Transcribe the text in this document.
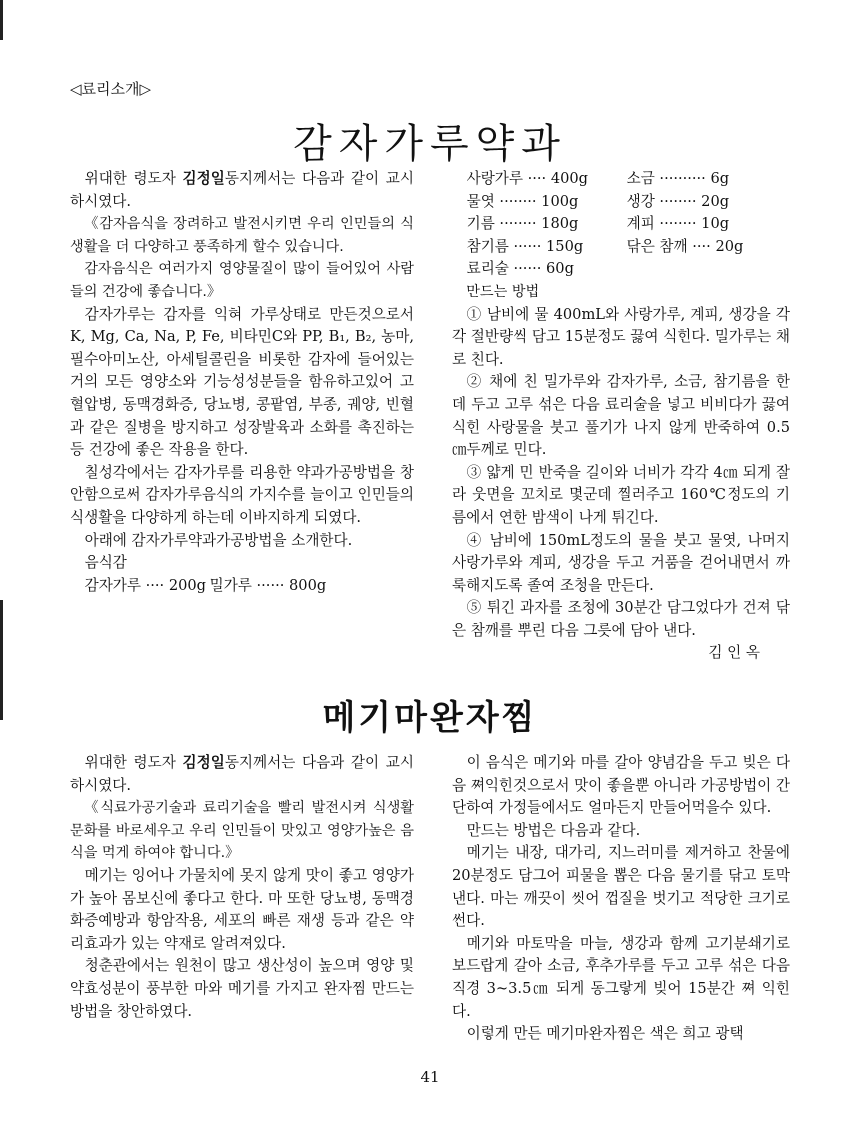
◁료리소개▷
감자가루약과

위대한 령도자 김정일동지께서는 다음과 같이 교시하시였다.

《감자음식을 장려하고 발전시키면 우리 인민들의 식생활을 더 다양하고 풍족하게 할수 있습니다.

감자음식은 여러가지 영양물질이 많이 들어있어 사람들의 건강에 좋습니다.》

감자가루는 감자를 익혀 가루상태로 만든것으로서 K, Mg, Ca, Na, P, Fe, 비타민C와 PP, B₁, B₂, 농마, 필수아미노산, 아세틸콜린을 비롯한 감자에 들어있는 거의 모든 영양소와 기능성성분들을 함유하고있어 고혈압병, 동맥경화증, 당뇨병, 콩팥염, 부종, 궤양, 빈혈과 같은 질병을 방지하고 성장발육과 소화를 촉진하는 등 건강에 좋은 작용을 한다.

칠성각에서는 감자가루를 리용한 약과가공방법을 창안함으로써 감자가루음식의 가지수를 늘이고 인민들의 식생활을 다양하게 하는데 이바지하게 되였다.

아래에 감자가루약과가공방법을 소개한다.

음식감

감자가루 ···· 200g 밀가루 ······ 800g
사랑가루 ···· 400g	소금 ·········· 6g
물엿 ········ 100g	생강 ········ 20g
기름 ········ 180g	계피 ········ 10g
참기름 ······ 150g	닦은 참깨 ···· 20g
료리술 ······ 60g

만드는 방법

① 남비에 물 400mL와 사랑가루, 계피, 생강을 각각 절반량씩 담고 15분정도 끓여 식힌다. 밀가루는 채로 친다.

② 채에 친 밀가루와 감자가루, 소금, 참기름을 한데 두고 고루 섞은 다음 료리술을 넣고 비비다가 끓여 식힌 사랑물을 붓고 풀기가 나지 않게 반죽하여 0.5㎝두께로 민다.

③ 얇게 민 반죽을 길이와 너비가 각각 4㎝ 되게 잘라 웃면을 꼬치로 몇군데 찔러주고 160℃정도의 기름에서 연한 밤색이 나게 튀긴다.

④ 남비에 150mL정도의 물을 붓고 물엿, 나머지 사랑가루와 계피, 생강을 두고 거품을 걷어내면서 까룩해지도록 졸여 조청을 만든다.

⑤ 튀긴 과자를 조청에 30분간 담그었다가 건져 닦은 참깨를 뿌린 다음 그릇에 담아 낸다.

김 인 옥
메기마완자찜

위대한 령도자 김정일동지께서는 다음과 같이 교시하시였다.

《식료가공기술과 료리기술을 빨리 발전시켜 식생활문화를 바로세우고 우리 인민들이 맛있고 영양가높은 음식을 먹게 하여야 합니다.》

메기는 잉어나 가물치에 못지 않게 맛이 좋고 영양가가 높아 몸보신에 좋다고 한다. 마 또한 당뇨병, 동맥경화증예방과 항암작용, 세포의 빠른 재생 등과 같은 약리효과가 있는 약재로 알려져있다.

청춘관에서는 원천이 많고 생산성이 높으며 영양 및 약효성분이 풍부한 마와 메기를 가지고 완자찜 만드는 방법을 창안하였다.

이 음식은 메기와 마를 갈아 양념감을 두고 빚은 다음 쪄익힌것으로서 맛이 좋을뿐 아니라 가공방법이 간단하여 가정들에서도 얼마든지 만들어먹을수 있다.

만드는 방법은 다음과 같다.

메기는 내장, 대가리, 지느러미를 제거하고 찬물에 20분정도 담그어 피물을 뽑은 다음 물기를 닦고 토막낸다. 마는 깨끗이 씻어 껍질을 벗기고 적당한 크기로 썬다.

메기와 마토막을 마늘, 생강과 함께 고기분쇄기로 보드랍게 갈아 소금, 후추가루를 두고 고루 섞은 다음 직경 3~3.5㎝ 되게 동그랗게 빚어 15분간 쪄 익힌다.

이렇게 만든 메기마완자찜은 색은 희고 광택

41
